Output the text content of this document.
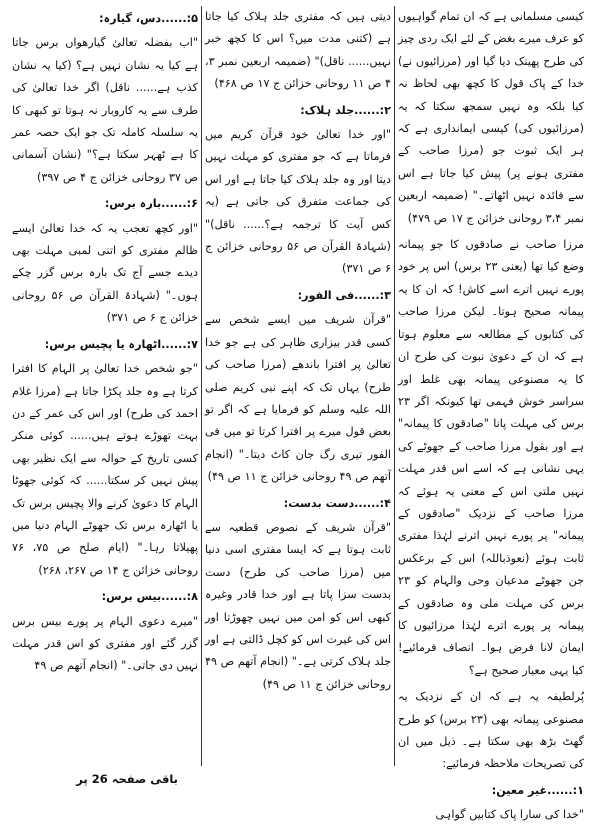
کیسی مسلمانی ہے کہ ان تمام گواہیوں کو عرف میرے بغض کے لئے ایک ردی چیز کی طرح پھینک دیا گیا اور (مرزائیوں نے) خدا کے پاک قول کا کچھ بھی لحاظ نہ کیا بلکہ وہ نہیں سمجھ سکتا کہ یہ (مرزائیوں کی) کیسی ایمانداری ہے کہ ہر ایک ثبوت جو (مرزا صاحب کے مفتری ہونے پر) پیش کیا جاتا ہے اس سے فائدہ نہیں اٹھاتے۔" (ضمیمہ اربعین نمبر ۳،۴ روحانی خزائن ج ۱۷ ص ۴۷۹)

مرزا صاحب نے صادقوں کا جو پیمانہ وضع کیا تھا (یعنی ۲۳ برس) اس پر خود پورے نہیں اترے اسے کاش! کہ ان کا یہ پیمانہ صحیح ہوتا۔ لیکن مرزا صاحب کی کتابوں کے مطالعہ سے معلوم ہوتا ہے کہ ان کے دعویٰ نبوت کی طرح ان کا یہ مصنوعی پیمانہ بھی غلط اور سراسر خوش فہمی تھا کیونکہ اگر ۲۳ برس کی مہلت پانا "صادقوں کا پیمانہ" ہے اور بقول مرزا صاحب کے جھوٹے کی یہی نشانی ہے کہ اسے اس قدر مہلت نہیں ملتی اس کے معنی یہ ہوئے کہ مرزا صاحب کے نزدیک "صادقوں کے پیمانہ" پر پورے نہیں اترنے لہٰذا مفتری ثابت ہوئے (نعوذباللہ) اس کے برعکس جن جھوٹے مدعیان وحی والہام کو ۲۳ برس کی مہلت ملی وہ صادقوں کے پیمانہ پر پورے اترے لہٰذا مرزائیوں کا ایمان لانا فرض ہوا۔ انصاف فرمائیے! کیا یہی معیار صحیح ہے؟

پُرلطیفہ یہ ہے کہ ان کے نزدیک یہ مصنوعی پیمانہ بھی (۲۳ برس) کو طرح گھٹ بڑھ بھی سکتا ہے۔ ذیل میں ان کی تصریحات ملاحظہ فرمائیے:

۱:......غیر معین:

"خدا کی سارا پاک کتابیں گواہی

دیتی ہیں کہ مفتری جلد ہلاک کیا جاتا ہے (کتنی مدت میں؟ اس کا کچھ خبر نہیں...... ناقل)" (ضمیمہ اربعین نمبر ۳، ۴ ص ۱۱ روحانی خزائن ج ۱۷ ص ۴۶۸)

۲:......جلد ہلاک:

"اور خدا تعالیٰ خود قرآن کریم میں فرماتا ہے کہ جو مفتری کو مہلت نہیں دیتا اور وہ جلد ہلاک کیا جاتا ہے اور اس کی جماعت متفرق کی جاتی ہے (یہ کس آیت کا ترجمہ ہے؟...... ناقل)" (شہادۃ القرآن ص ۵۶ روحانی خزائن ج ۶ ص ۳۷۱)

۳:......فی الفور:

"قرآن شریف میں ایسے شخص سے کسی قدر بیزاری ظاہر کی ہے جو خدا تعالیٰ پر افترا باندھے (مرزا صاحب کی طرح) یہاں تک کہ اپنے نبی کریم صلی اللہ علیہ وسلم کو فرمایا ہے کہ اگر تو بعض قول میرے پر افترا کرتا تو میں فی الفور تیری رگ جان کاٹ دیتا۔" (انجام آتھم ص ۴۹ روحانی خزائن ج ۱۱ ص ۴۹)

۴:......دست بدست:

"قرآن شریف کے نصوص قطعیہ سے ثابت ہوتا ہے کہ ایسا مفتری اسی دنیا میں (مرزا صاحب کی طرح) دست بدست سزا پاتا ہے اور خدا قادر وغیرہ کبھی اس کو امن میں نہیں چھوڑتا اور اس کی غیرت اس کو کچل ڈالتی ہے اور جلد ہلاک کرتی ہے۔" (انجام آتھم ص ۴۹ روحانی خزائن ج ۱۱ ص ۴۹)

۵:......دس، گیارہ:

"اب بفضلہ تعالیٰ گیارھواں برس جاتا ہے کیا یہ نشان نہیں ہے؟ (کیا یہ نشان کذب ہے...... ناقل) اگر خدا تعالیٰ کی طرف سے یہ کاروبار نہ ہوتا تو کبھی کا یہ سلسلہ کاملہ تک جو ایک حصہ عمر کا ہے ٹھہر سکتا ہے؟" (نشان آسمانی ص ۳۷ روحانی خزائن ج ۴ ص ۳۹۷)

۶:......بارہ برس:

"اور کچھ تعجب یہ کہ خدا تعالیٰ ایسے ظالم مفتری کو اتنی لمبی مہلت بھی دیدے جسے آج تک بارہ برس گزر چکے ہوں۔" (شہادۃ القرآن ص ۵۶ روحانی خزائن ج ۶ ص ۳۷۱)

۷:......اٹھارہ یا پچیس برس:

"جو شخص خدا تعالیٰ پر الہام کا افترا کرتا ہے وہ جلد پکڑا جاتا ہے (مرزا غلام احمد کی طرح) اور اس کی عمر کے دن بہت تھوڑے ہوتے ہیں...... کوئی منکر کسی تاریخ کے حوالہ سے ایک نظیر بھی پیش نہیں کر سکتا...... کہ کوئی جھوٹا الہام کا دعویٰ کرنے والا پچیس برس تک یا اٹھارہ برس تک جھوٹے الہام دنیا میں پھیلاتا رہا۔" (ایام صلح ص ۷۵، ۷۶ روحانی خزائن ج ۱۴ ص ۲۶۷، ۲۶۸)

۸:......بیس برس:

"میرے دعوی الہام پر پورے بیس برس گزر گئے اور مفتری کو اس قدر مہلت نہیں دی جاتی۔" (انجام آتھم ص ۴۹

باقی صفحہ 26 پر
